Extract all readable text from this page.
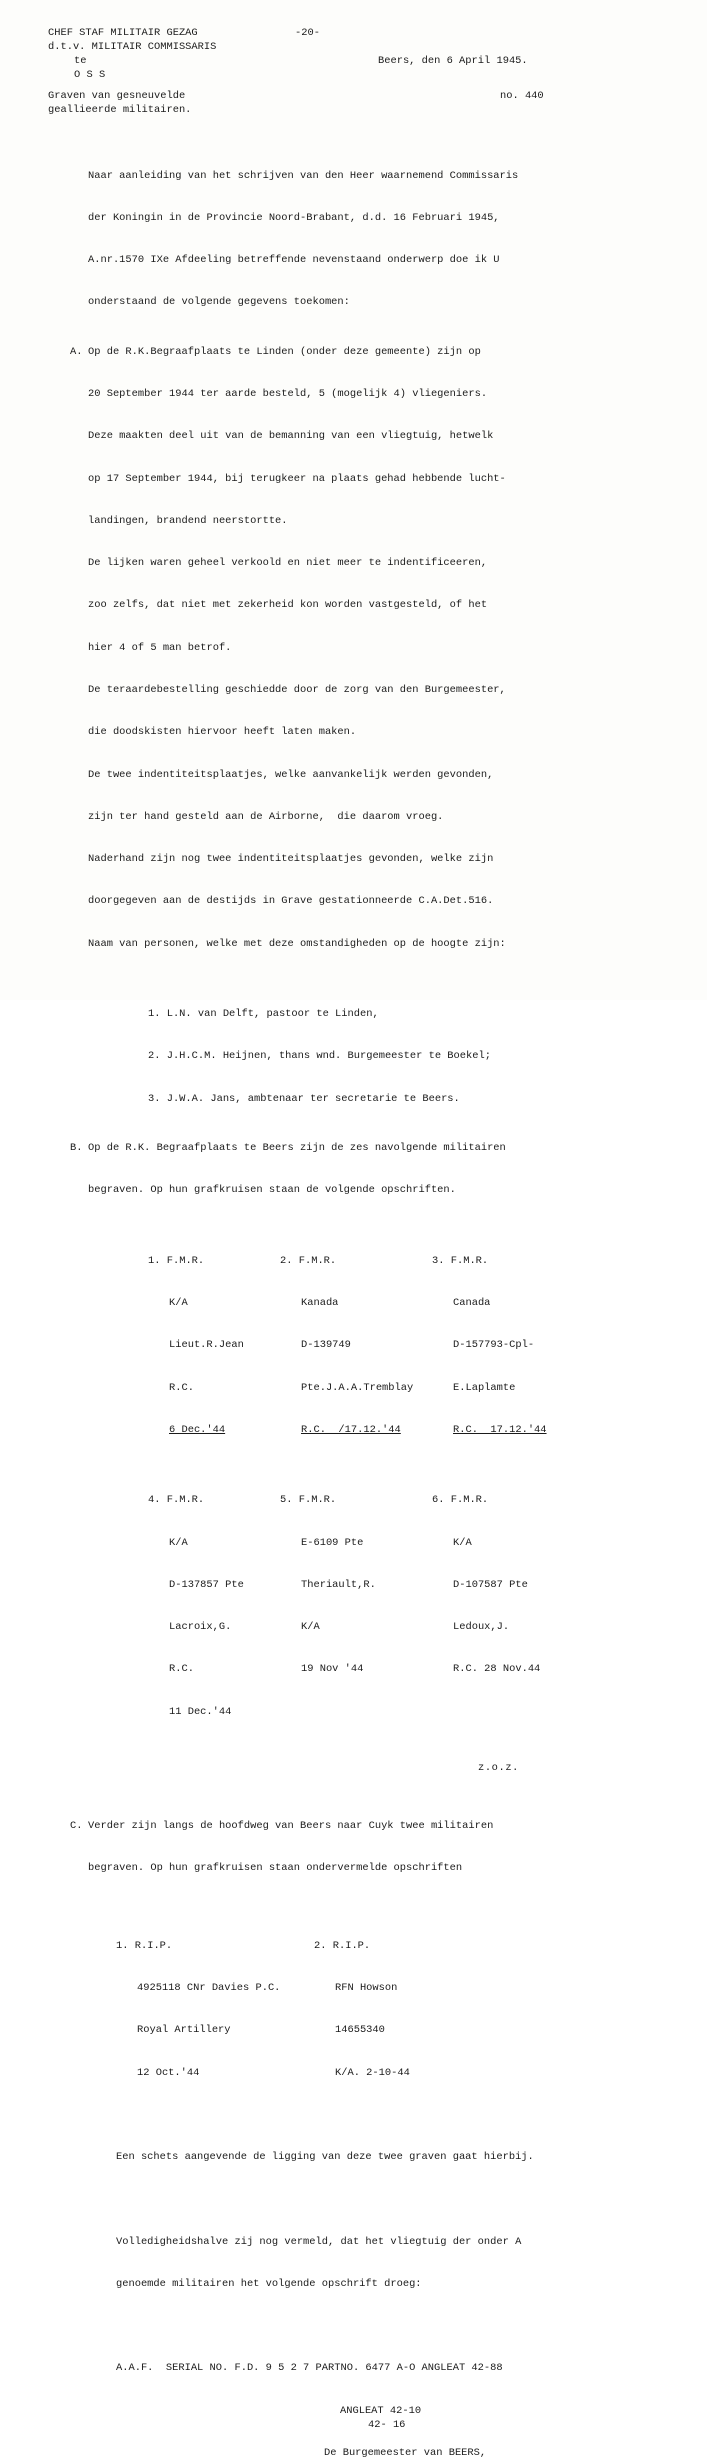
CHEF STAF MILITAIR GEZAG
d.t.v. MILITAIR COMMISSARIS
te
O S S
-20-
Beers, den 6 April 1945.
Graven van gesneuvelde
geallieerde militairen.
no. 440

Naar aanleiding van het schrijven van den Heer waarnemend Commissaris

der Koningin in de Provincie Noord-Brabant, d.d. 16 Februari 1945,

A.nr.1570 IXe Afdeeling betreffende nevenstaand onderwerp doe ik U

onderstaand de volgende gegevens toekomen:

A. Op de R.K.Begraafplaats te Linden (onder deze gemeente) zijn op

20 September 1944 ter aarde besteld, 5 (mogelijk 4) vliegeniers.

Deze maakten deel uit van de bemanning van een vliegtuig, hetwelk

op 17 September 1944, bij terugkeer na plaats gehad hebbende lucht-

landingen, brandend neerstortte.

De lijken waren geheel verkoold en niet meer te indentificeeren,

zoo zelfs, dat niet met zekerheid kon worden vastgesteld, of het

hier 4 of 5 man betrof.

De teraardebestelling geschiedde door de zorg van den Burgemeester,

die doodskisten hiervoor heeft laten maken.

De twee indentiteitsplaatjes, welke aanvankelijk werden gevonden,

zijn ter hand gesteld aan de Airborne,  die daarom vroeg.

Naderhand zijn nog twee indentiteitsplaatjes gevonden, welke zijn

doorgegeven aan de destijds in Grave gestationneerde C.A.Det.516.

Naam van personen, welke met deze omstandigheden op de hoogte zijn:

1. L.N. van Delft, pastoor te Linden,

2. J.H.C.M. Heijnen, thans wnd. Burgemeester te Boekel;

3. J.W.A. Jans, ambtenaar ter secretarie te Beers.

B. Op de R.K. Begraafplaats te Beers zijn de zes navolgende militairen

begraven. Op hun grafkruisen staan de volgende opschriften.

1. F.M.R.

K/A

Lieut.R.Jean

R.C.

6 Dec.'44

2. F.M.R.

Kanada

D-139749

Pte.J.A.A.Tremblay

R.C.  /17.12.'44

3. F.M.R.

Canada

D-157793-Cpl-

E.Laplamte

R.C.  17.12.'44

4. F.M.R.

K/A

D-137857 Pte

Lacroix,G.

R.C.

11 Dec.'44

5. F.M.R.

E-6109 Pte

Theriault,R.

K/A

19 Nov '44

6. F.M.R.

K/A

D-107587 Pte

Ledoux,J.

R.C. 28 Nov.44

z.o.z.
C. Verder zijn langs de hoofdweg van Beers naar Cuyk twee militairen

begraven. Op hun grafkruisen staan ondervermelde opschriften

1. R.I.P.

4925118 CNr Davies P.C.

Royal Artillery

12 Oct.'44

2. R.I.P.

RFN Howson

14655340

K/A. 2-10-44

Een schets aangevende de ligging van deze twee graven gaat hierbij.

Volledigheidshalve zij nog vermeld, dat het vliegtuig der onder A

genoemde militairen het volgende opschrift droeg:

A.A.F.  SERIAL NO. F.D. 9 5 2 7 PARTNO. 6477 A-O ANGLEAT 42-88

ANGLEAT 42-10
42- 16
De Burgemeester van BEERS,
